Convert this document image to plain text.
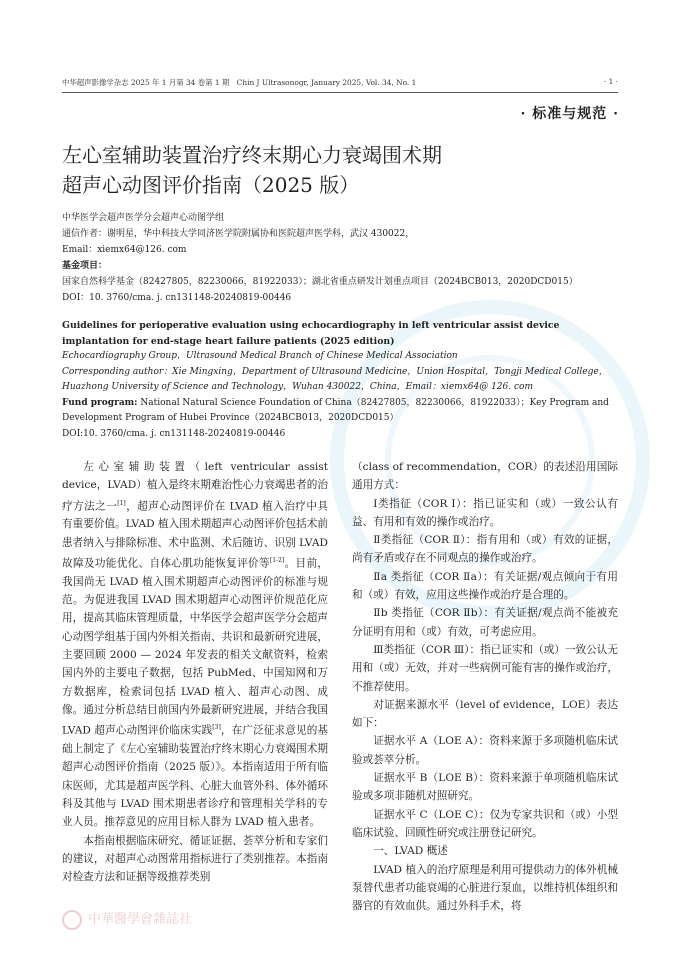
中华超声影像学杂志 2025 年 1 月第 34 卷第 1 期　Chin J Ultrasonogr, January 2025, Vol. 34, No. 1	· 1 ·
· 标准与规范 ·
左心室辅助装置治疗终末期心力衰竭围术期
超声心动图评价指南（2025 版）
中华医学会超声医学分会超声心动图学组
通信作者：谢明星，华中科技大学同济医学院附属协和医院超声医学科，武汉 430022，
Email：xiemx64@126. com
基金项目：国家自然科学基金（82427805，82230066，81922033）；湖北省重点研发计划重点项目（2024BCB013，2020DCD015）
DOI：10. 3760/cma. j. cn131148-20240819-00446
Guidelines for perioperative evaluation using echocardiography in left ventricular assist device implantation for end-stage heart failure patients (2025 edition)
Echocardiography Group，Ultrasound Medical Branch of Chinese Medical Association
Corresponding author：Xie Mingxing，Department of Ultrasound Medicine，Union Hospital，Tongji Medical College，Huazhong University of Science and Technology，Wuhan 430022，China，Email：xiemx64@ 126. com
Fund program: National Natural Science Foundation of China（82427805，82230066，81922033）；Key Program and Development Program of Hubei Province（2024BCB013，2020DCD015）
DOI:10. 3760/cma. j. cn131148-20240819-00446

左心室辅助装置（left ventricular assist device，LVAD）植入是终末期难治性心力衰竭患者的治疗方法之一[1]，超声心动图评价在 LVAD 植入治疗中具有重要价值。LVAD 植入围术期超声心动图评价包括术前患者纳入与排除标准、术中监测、术后随访、识别 LVAD 故障及功能优化、自体心肌功能恢复评价等[1-2]。目前，我国尚无 LVAD 植入围术期超声心动图评价的标准与规范。为促进我国 LVAD 围术期超声心动图评价规范化应用，提高其临床管理质量，中华医学会超声医学分会超声心动图学组基于国内外相关指南、共识和最新研究进展，主要回顾 2000 — 2024 年发表的相关文献资料，检索国内外的主要电子数据，包括 PubMed、中国知网和万方数据库，检索词包括 LVAD 植入、超声心动图、成像。通过分析总结目前国内外最新研究进展，并结合我国 LVAD 超声心动图评价临床实践[3]，在广泛征求意见的基础上制定了《左心室辅助装置治疗终末期心力衰竭围术期超声心动图评价指南（2025 版）》。本指南适用于所有临床医师，尤其是超声医学科、心脏大血管外科、体外循环科及其他与 LVAD 围术期患者诊疗和管理相关学科的专业人员。推荐意见的应用目标人群为 LVAD 植入患者。

本指南根据临床研究、循证证据、荟萃分析和专家们的建议，对超声心动图常用指标进行了类别推荐。本指南对检查方法和证据等级推荐类别

（class of recommendation，COR）的表述沿用国际通用方式：

Ⅰ类指征（COR Ⅰ）：指已证实和（或）一致公认有益、有用和有效的操作或治疗。

Ⅱ类指征（COR Ⅱ）：指有用和（或）有效的证据，尚有矛盾或存在不同观点的操作或治疗。

Ⅱa 类指征（COR Ⅱa）：有关证据/观点倾向于有用和（或）有效，应用这些操作或治疗是合理的。

Ⅱb 类指征（COR Ⅱb）：有关证据/观点尚不能被充分证明有用和（或）有效，可考虑应用。

Ⅲ类指征（COR Ⅲ）：指已证实和（或）一致公认无用和（或）无效，并对一些病例可能有害的操作或治疗，不推荐使用。

对证据来源水平（level of evidence，LOE）表达如下：

证据水平 A（LOE A）：资料来源于多项随机临床试验或荟萃分析。

证据水平 B（LOE B）：资料来源于单项随机临床试验或多项非随机对照研究。

证据水平 C（LOE C）：仅为专家共识和（或）小型临床试验、回顾性研究或注册登记研究。

一、LVAD 概述

LVAD 植入的治疗原理是利用可提供动力的体外机械泵替代患者功能衰竭的心脏进行泵血，以维持机体组织和器官的有效血供。通过外科手术，将

中華醫學會雜誌社
